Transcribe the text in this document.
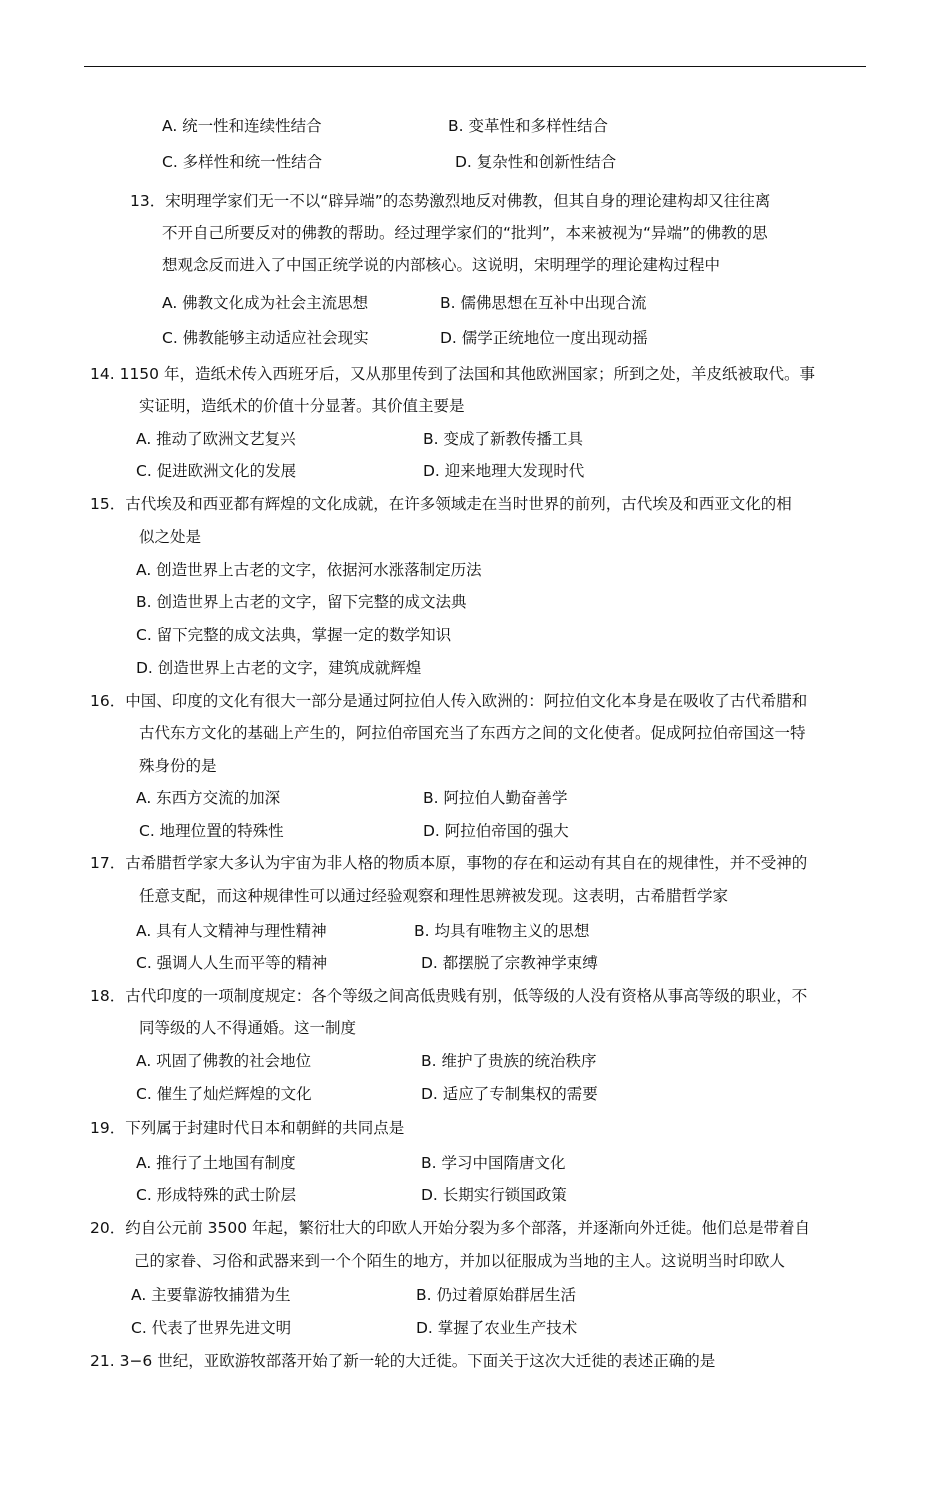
A. 统一性和连续性结合	B. 变革性和多样性结合
C. 多样性和统一性结合	D. 复杂性和创新性结合
13．宋明理学家们无一不以“辟异端”的态势激烈地反对佛教，但其自身的理论建构却又往往离
不开自己所要反对的佛教的帮助。经过理学家们的“批判”，本来被视为“异端”的佛教的思
想观念反而进入了中国正统学说的内部核心。这说明，宋明理学的理论建构过程中
A. 佛教文化成为社会主流思想	B. 儒佛思想在互补中出现合流
C. 佛教能够主动适应社会现实	D. 儒学正统地位一度出现动摇
14. 1150 年，造纸术传入西班牙后，又从那里传到了法国和其他欧洲国家；所到之处，羊皮纸被取代。事
实证明，造纸术的价值十分显著。其价值主要是
A. 推动了欧洲文艺复兴	B. 变成了新教传播工具
C. 促进欧洲文化的发展	D. 迎来地理大发现时代
15．古代埃及和西亚都有辉煌的文化成就，在许多领域走在当时世界的前列，古代埃及和西亚文化的相
似之处是
A. 创造世界上古老的文字，依据河水涨落制定历法
B. 创造世界上古老的文字，留下完整的成文法典
C. 留下完整的成文法典，掌握一定的数学知识
D. 创造世界上古老的文字，建筑成就辉煌
16．中国、印度的文化有很大一部分是通过阿拉伯人传入欧洲的：阿拉伯文化本身是在吸收了古代希腊和
古代东方文化的基础上产生的，阿拉伯帝国充当了东西方之间的文化使者。促成阿拉伯帝国这一特
殊身份的是
A. 东西方交流的加深	B. 阿拉伯人勤奋善学
C. 地理位置的特殊性	D. 阿拉伯帝国的强大
17．古希腊哲学家大多认为宇宙为非人格的物质本原，事物的存在和运动有其自在的规律性，并不受神的
任意支配，而这种规律性可以通过经验观察和理性思辨被发现。这表明，古希腊哲学家
A. 具有人文精神与理性精神	B. 均具有唯物主义的思想
C. 强调人人生而平等的精神	D. 都摆脱了宗教神学束缚
18．古代印度的一项制度规定：各个等级之间高低贵贱有别，低等级的人没有资格从事高等级的职业，不
同等级的人不得通婚。这一制度
A. 巩固了佛教的社会地位	B. 维护了贵族的统治秩序
C. 催生了灿烂辉煌的文化	D. 适应了专制集权的需要
19．下列属于封建时代日本和朝鲜的共同点是
A. 推行了土地国有制度	B. 学习中国隋唐文化
C. 形成特殊的武士阶层	D. 长期实行锁国政策
20．约自公元前 3500 年起，繁衍壮大的印欧人开始分裂为多个部落，并逐渐向外迁徙。他们总是带着自
己的家眷、习俗和武器来到一个个陌生的地方，并加以征服成为当地的主人。这说明当时印欧人
A. 主要靠游牧捕猎为生	B. 仍过着原始群居生活
C. 代表了世界先进文明	D. 掌握了农业生产技术
21. 3−6 世纪，亚欧游牧部落开始了新一轮的大迁徙。下面关于这次大迁徙的表述正确的是
